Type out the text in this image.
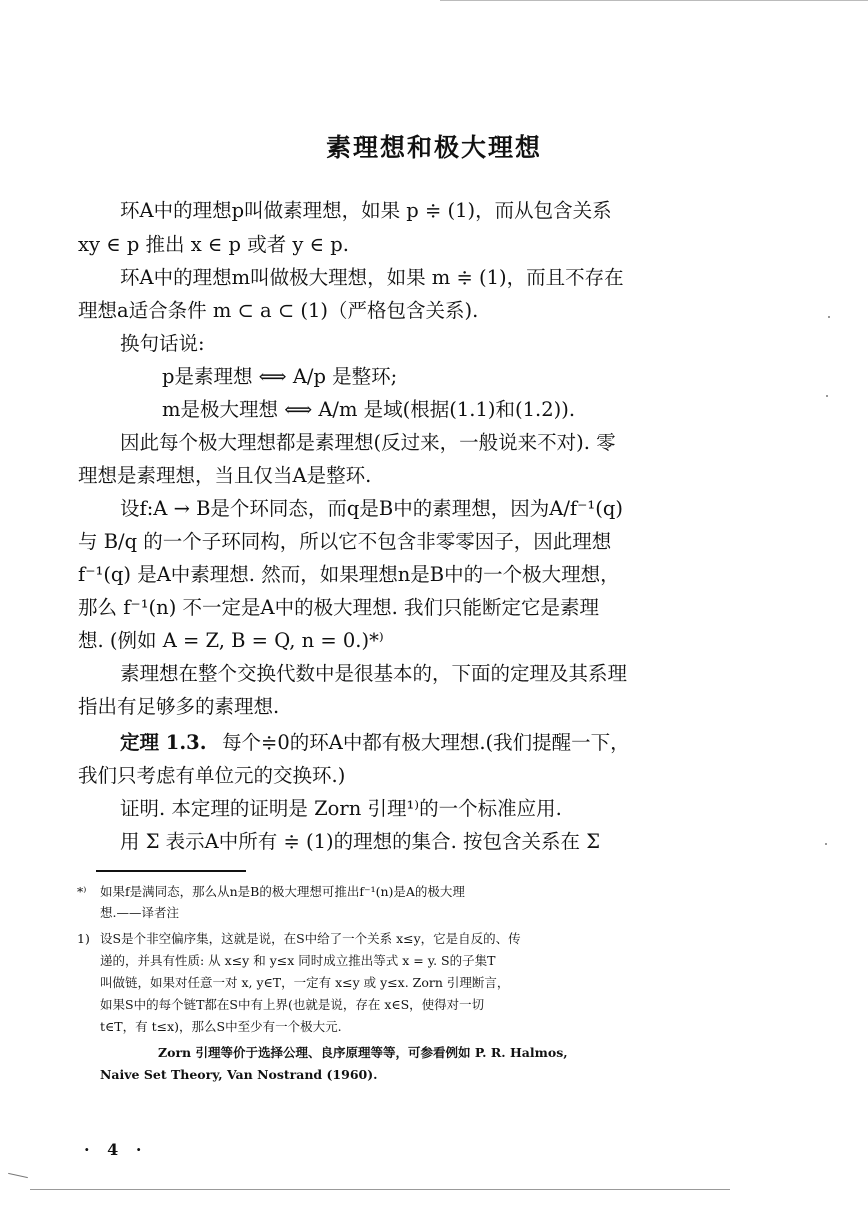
素理想和极大理想
环A中的理想p叫做素理想，如果 p ≑ (1)，而从包含关系
xy ∈ p 推出 x ∈ p 或者 y ∈ p.
环A中的理想m叫做极大理想，如果 m ≑ (1)，而且不存在
理想a适合条件 m ⊂ a ⊂ (1)（严格包含关系).
换句话说:
p是素理想 ⟺ A/p 是整环;
m是极大理想 ⟺ A/m 是域(根据(1.1)和(1.2)).
因此每个极大理想都是素理想(反过来，一般说来不对). 零
理想是素理想，当且仅当A是整环.
设f:A → B是个环同态，而q是B中的素理想，因为A/f⁻¹(q)
与 B/q 的一个子环同构，所以它不包含非零零因子，因此理想
f⁻¹(q) 是A中素理想. 然而，如果理想n是B中的一个极大理想，
那么 f⁻¹(n) 不一定是A中的极大理想. 我们只能断定它是素理
想. (例如 A = Z, B = Q, n = 0.)*⁾
素理想在整个交换代数中是很基本的，下面的定理及其系理
指出有足够多的素理想.
定理 1.3. 每个≑0的环A中都有极大理想.(我们提醒一下，
我们只考虑有单位元的交换环.)
证明. 本定理的证明是 Zorn 引理¹⁾的一个标准应用.
用 Σ 表示A中所有 ≑ (1)的理想的集合. 按包含关系在 Σ
*⁾ 如果f是满同态，那么从n是B的极大理想可推出f⁻¹(n)是A的极大理
想.——译者注
1) 设S是个非空偏序集，这就是说，在S中给了一个关系 x≤y，它是自反的、传
递的，并具有性质: 从 x≤y 和 y≤x 同时成立推出等式 x = y. S的子集T
叫做链，如果对任意一对 x, y∈T，一定有 x≤y 或 y≤x. Zorn 引理断言，
如果S中的每个链T都在S中有上界(也就是说，存在 x∈S，使得对一切
t∈T，有 t≤x)，那么S中至少有一个极大元.
Zorn 引理等价于选择公理、良序原理等等，可参看例如 P. R. Halmos,
Naive Set Theory, Van Nostrand (1960).
· 4 ·
